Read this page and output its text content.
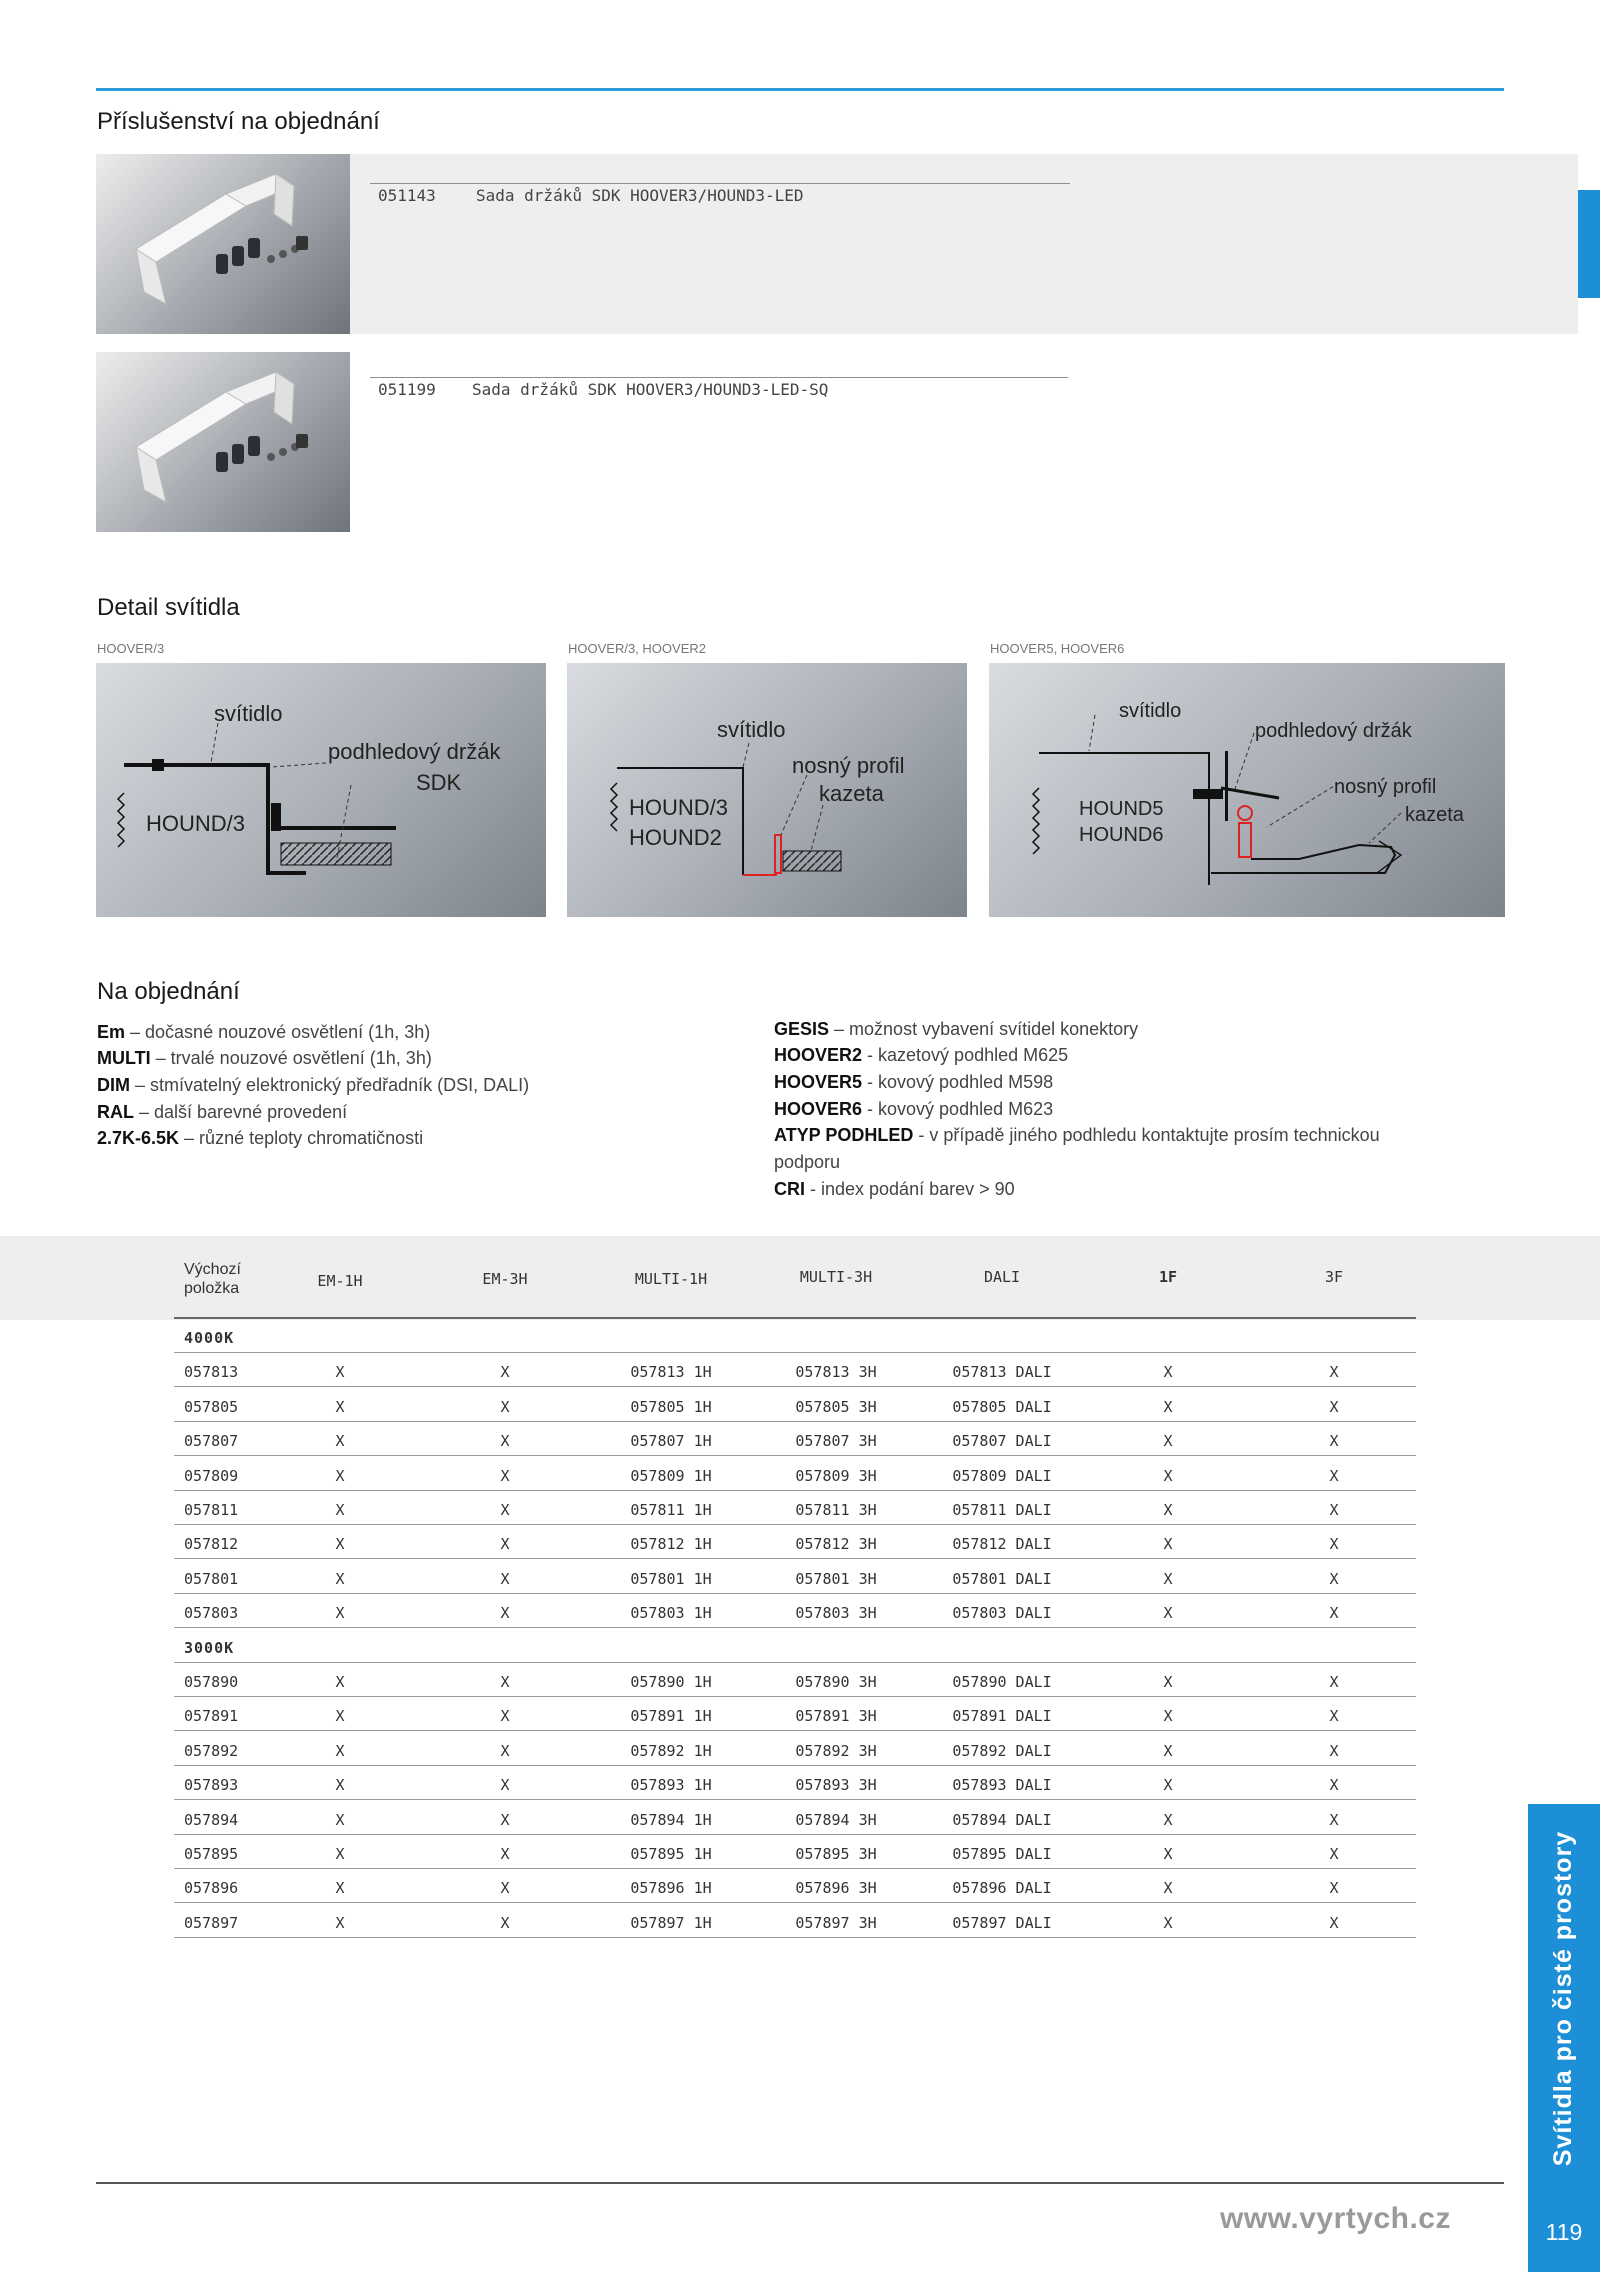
Příslušenství na objednání
051143	Sada držáků SDK HOOVER3/HOUND3-LED
051199 Sada držáků SDK HOOVER3/HOUND3-LED-SQ
Detail svítidla
HOOVER/3	HOOVER/3, HOOVER2	HOOVER5, HOOVER6
svítidlo
podhledový držák
SDK
HOUND/3
svítidlo
nosný profil
kazeta
HOUND/3
HOUND2
svítidlo
podhledový držák
nosný profil
kazeta
HOUND5
HOUND6
Na objednání
Em – dočasné nouzové osvětlení (1h, 3h)
MULTI – trvalé nouzové osvětlení (1h, 3h)
DIM – stmívatelný elektronický předřadník (DSI, DALI)
RAL – další barevné provedení
2.7K-6.5K – různé teploty chromatičnosti
GESIS – možnost vybavení svítidel konektory
HOOVER2 - kazetový podhled M625
HOOVER5 - kovový podhled M598
HOOVER6 - kovový podhled M623
ATYP PODHLED - v případě jiného podhledu kontaktujte prosím technickou podporu
CRI - index podání barev > 90
Výchozí
položka	EM-1H	EM-3H	MULTI-1H	MULTI-3H	DALI	1F	3F
4000K
057813	X	X	057813 1H	057813 3H	057813 DALI	X	X
057805	X	X	057805 1H	057805 3H	057805 DALI	X	X
057807	X	X	057807 1H	057807 3H	057807 DALI	X	X
057809	X	X	057809 1H	057809 3H	057809 DALI	X	X
057811	X	X	057811 1H	057811 3H	057811 DALI	X	X
057812	X	X	057812 1H	057812 3H	057812 DALI	X	X
057801	X	X	057801 1H	057801 3H	057801 DALI	X	X
057803	X	X	057803 1H	057803 3H	057803 DALI	X	X
3000K
057890	X	X	057890 1H	057890 3H	057890 DALI	X	X
057891	X	X	057891 1H	057891 3H	057891 DALI	X	X
057892	X	X	057892 1H	057892 3H	057892 DALI	X	X
057893	X	X	057893 1H	057893 3H	057893 DALI	X	X
057894	X	X	057894 1H	057894 3H	057894 DALI	X	X
057895	X	X	057895 1H	057895 3H	057895 DALI	X	X
057896	X	X	057896 1H	057896 3H	057896 DALI	X	X
057897	X	X	057897 1H	057897 3H	057897 DALI	X	X	Svítidla pro čisté prostory
www.vyrtych.cz	119
